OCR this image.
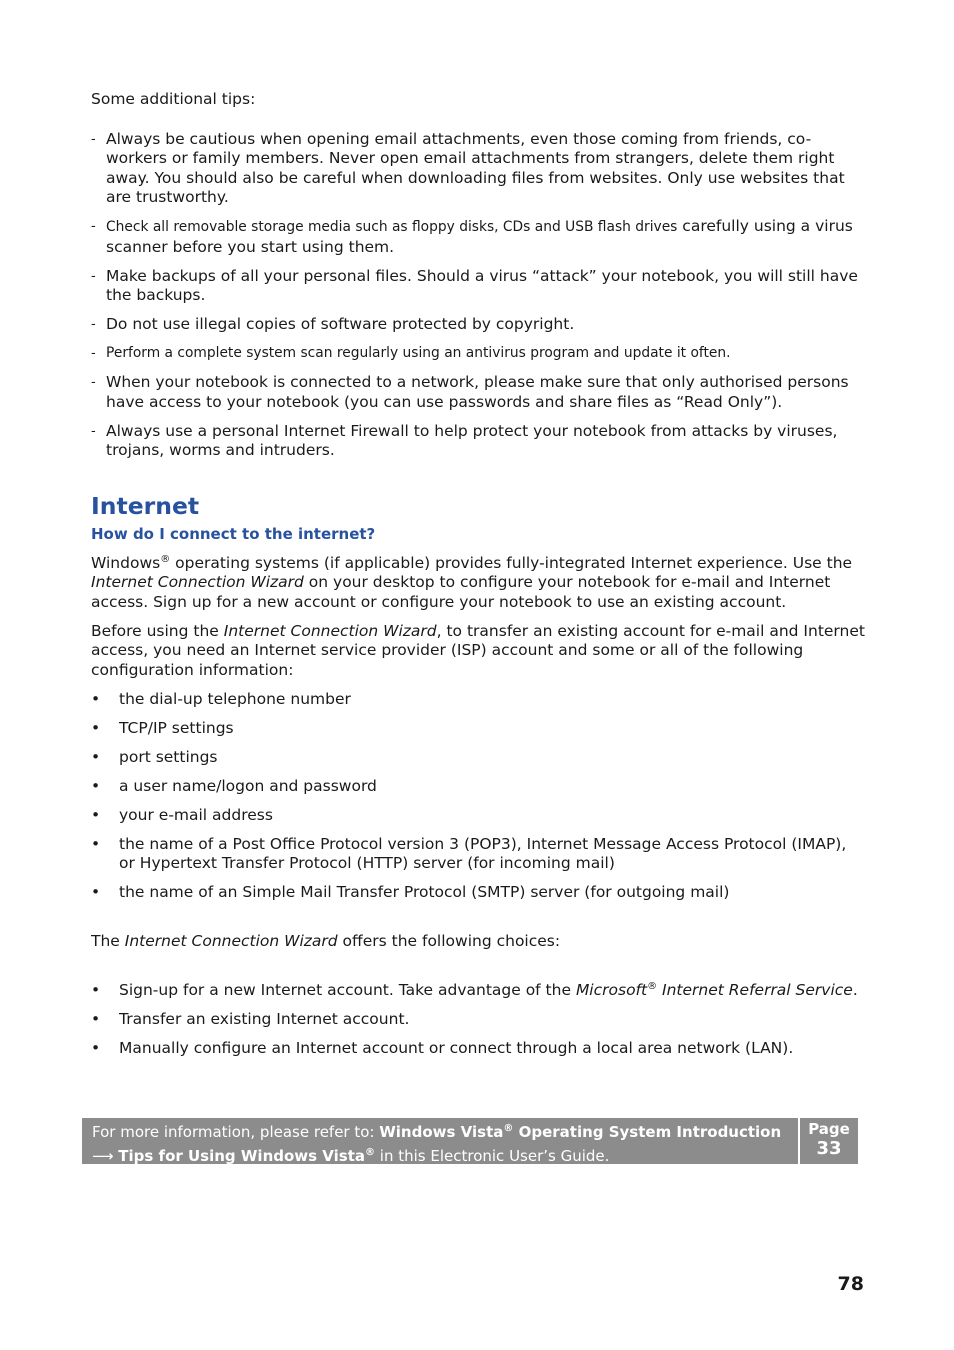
Some additional tips:

- Always be cautious when opening email attachments, even those coming from friends, co-workers or family members. Never open email attachments from strangers, delete them right away. You should also be careful when downloading files from websites. Only use websites that are trustworthy.
- Check all removable storage media such as floppy disks, CDs and USB flash drives carefully using a virus scanner before you start using them.
- Make backups of all your personal files. Should a virus “attack” your notebook, you will still have the backups.
- Do not use illegal copies of software protected by copyright.
- Perform a complete system scan regularly using an antivirus program and update it often.
- When your notebook is connected to a network, please make sure that only authorised persons have access to your notebook (you can use passwords and share files as “Read Only”).
- Always use a personal Internet Firewall to help protect your notebook from attacks by viruses, trojans, worms and intruders.
Internet
How do I connect to the internet?

Windows® operating systems (if applicable) provides fully-integrated Internet experience. Use the Internet Connection Wizard on your desktop to configure your notebook for e-mail and Internet access. Sign up for a new account or configure your notebook to use an existing account.

Before using the Internet Connection Wizard, to transfer an existing account for e-mail and Internet access, you need an Internet service provider (ISP) account and some or all of the following configuration information:

• the dial-up telephone number
• TCP/IP settings
• port settings
• a user name/logon and password
• your e-mail address
• the name of a Post Office Protocol version 3 (POP3), Internet Message Access Protocol (IMAP), or Hypertext Transfer Protocol (HTTP) server (for incoming mail)
• the name of an Simple Mail Transfer Protocol (SMTP) server (for outgoing mail)

The Internet Connection Wizard offers the following choices:

• Sign-up for a new Internet account. Take advantage of the Microsoft® Internet Referral Service.
• Transfer an existing Internet account.
• Manually configure an Internet account or connect through a local area network (LAN).
For more information, please refer to: Windows Vista® Operating System Introduction ⟶ Tips for Using Windows Vista® in this Electronic User’s Guide.
Page
33
78
